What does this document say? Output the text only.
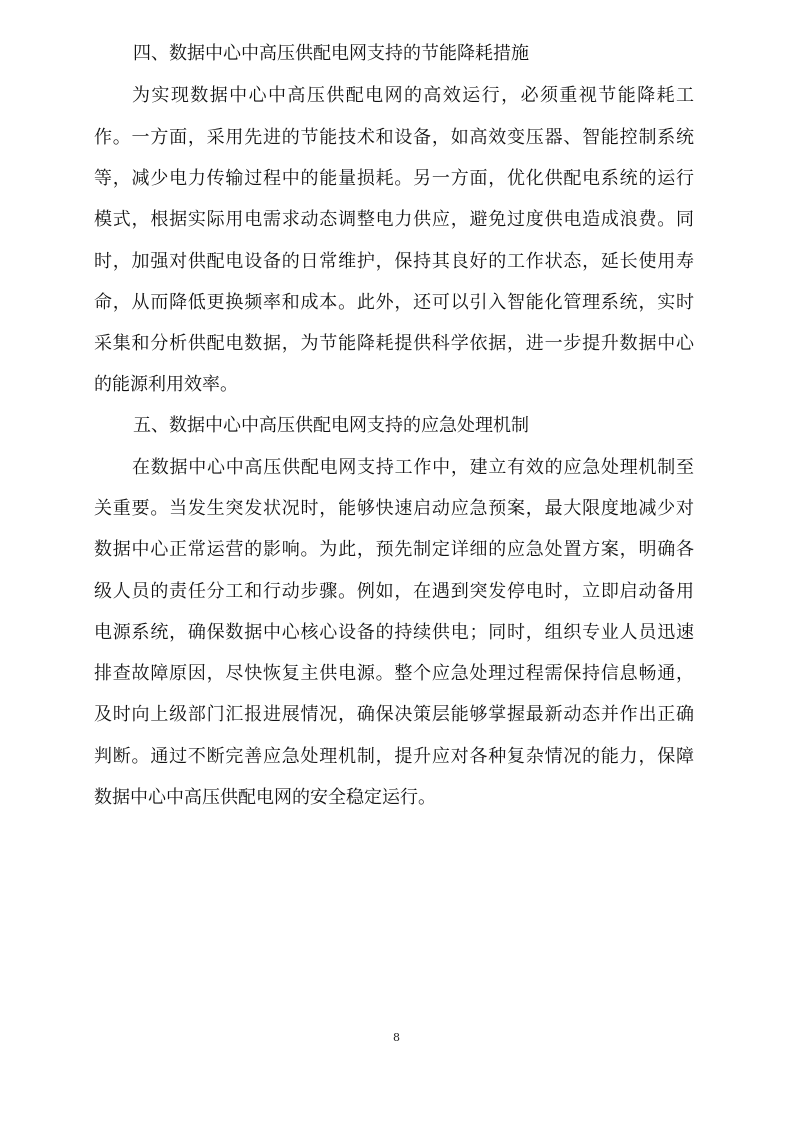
四、数据中心中高压供配电网支持的节能降耗措施
为实现数据中心中高压供配电网的高效运行，必须重视节能降耗工
作。一方面，采用先进的节能技术和设备，如高效变压器、智能控制系统
等，减少电力传输过程中的能量损耗。另一方面，优化供配电系统的运行
模式，根据实际用电需求动态调整电力供应，避免过度供电造成浪费。同
时，加强对供配电设备的日常维护，保持其良好的工作状态，延长使用寿
命，从而降低更换频率和成本。此外，还可以引入智能化管理系统，实时
采集和分析供配电数据，为节能降耗提供科学依据，进一步提升数据中心
的能源利用效率。
五、数据中心中高压供配电网支持的应急处理机制
在数据中心中高压供配电网支持工作中，建立有效的应急处理机制至
关重要。当发生突发状况时，能够快速启动应急预案，最大限度地减少对
数据中心正常运营的影响。为此，预先制定详细的应急处置方案，明确各
级人员的责任分工和行动步骤。例如，在遇到突发停电时，立即启动备用
电源系统，确保数据中心核心设备的持续供电；同时，组织专业人员迅速
排查故障原因，尽快恢复主供电源。整个应急处理过程需保持信息畅通，
及时向上级部门汇报进展情况，确保决策层能够掌握最新动态并作出正确
判断。通过不断完善应急处理机制，提升应对各种复杂情况的能力，保障
数据中心中高压供配电网的安全稳定运行。
8
